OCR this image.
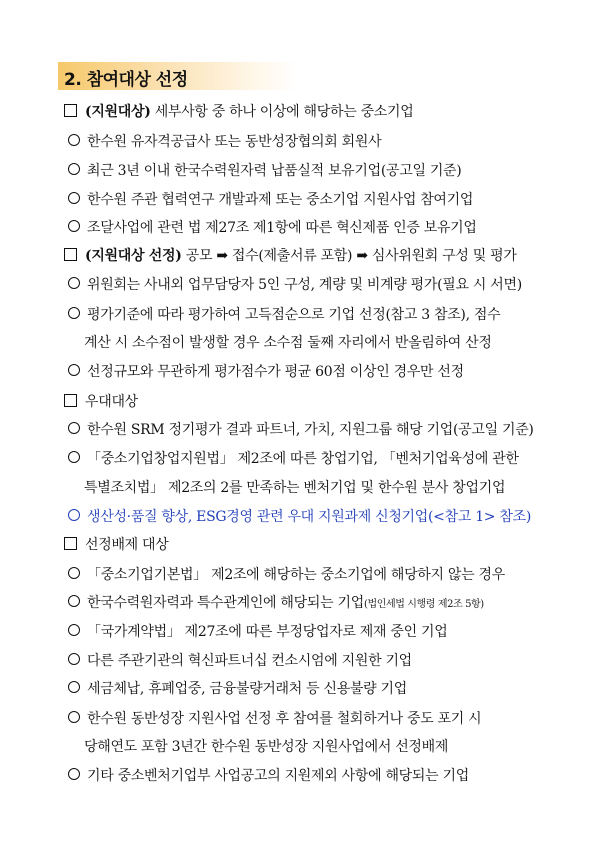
2. 참여대상 선정
(지원대상) 세부사항 중 하나 이상에 해당하는 중소기업
한수원 유자격공급사 또는 동반성장협의회 회원사
최근 3년 이내 한국수력원자력 납품실적 보유기업(공고일 기준)
한수원 주관 협력연구 개발과제 또는 중소기업 지원사업 참여기업
조달사업에 관련 법 제27조 제1항에 따른 혁신제품 인증 보유기업
(지원대상 선정) 공모 ➡ 접수(제출서류 포함) ➡ 심사위원회 구성 및 평가
위원회는 사내외 업무담당자 5인 구성, 계량 및 비계량 평가(필요 시 서면)
평가기준에 따라 평가하여 고득점순으로 기업 선정(참고 3 참조), 점수
계산 시 소수점이 발생할 경우 소수점 둘째 자리에서 반올림하여 산정
선정규모와 무관하게 평가점수가 평균 60점 이상인 경우만 선정
우대대상
한수원 SRM 정기평가 결과 파트너, 가치, 지원그룹 해당 기업(공고일 기준)
「중소기업창업지원법」 제2조에 따른 창업기업, 「벤처기업육성에 관한
특별조치법」 제2조의 2를 만족하는 벤처기업 및 한수원 분사 창업기업
생산성·품질 향상, ESG경영 관련 우대 지원과제 신청기업(<참고 1> 참조)
선정배제 대상
「중소기업기본법」 제2조에 해당하는 중소기업에 해당하지 않는 경우
한국수력원자력과 특수관계인에 해당되는 기업(법인세법 시행령 제2조 5항)
「국가계약법」 제27조에 따른 부정당업자로 제재 중인 기업
다른 주관기관의 혁신파트너십 컨소시엄에 지원한 기업
세금체납, 휴폐업중, 금융불량거래처 등 신용불량 기업
한수원 동반성장 지원사업 선정 후 참여를 철회하거나 중도 포기 시
당해연도 포함 3년간 한수원 동반성장 지원사업에서 선정배제
기타 중소벤처기업부 사업공고의 지원제외 사항에 해당되는 기업
